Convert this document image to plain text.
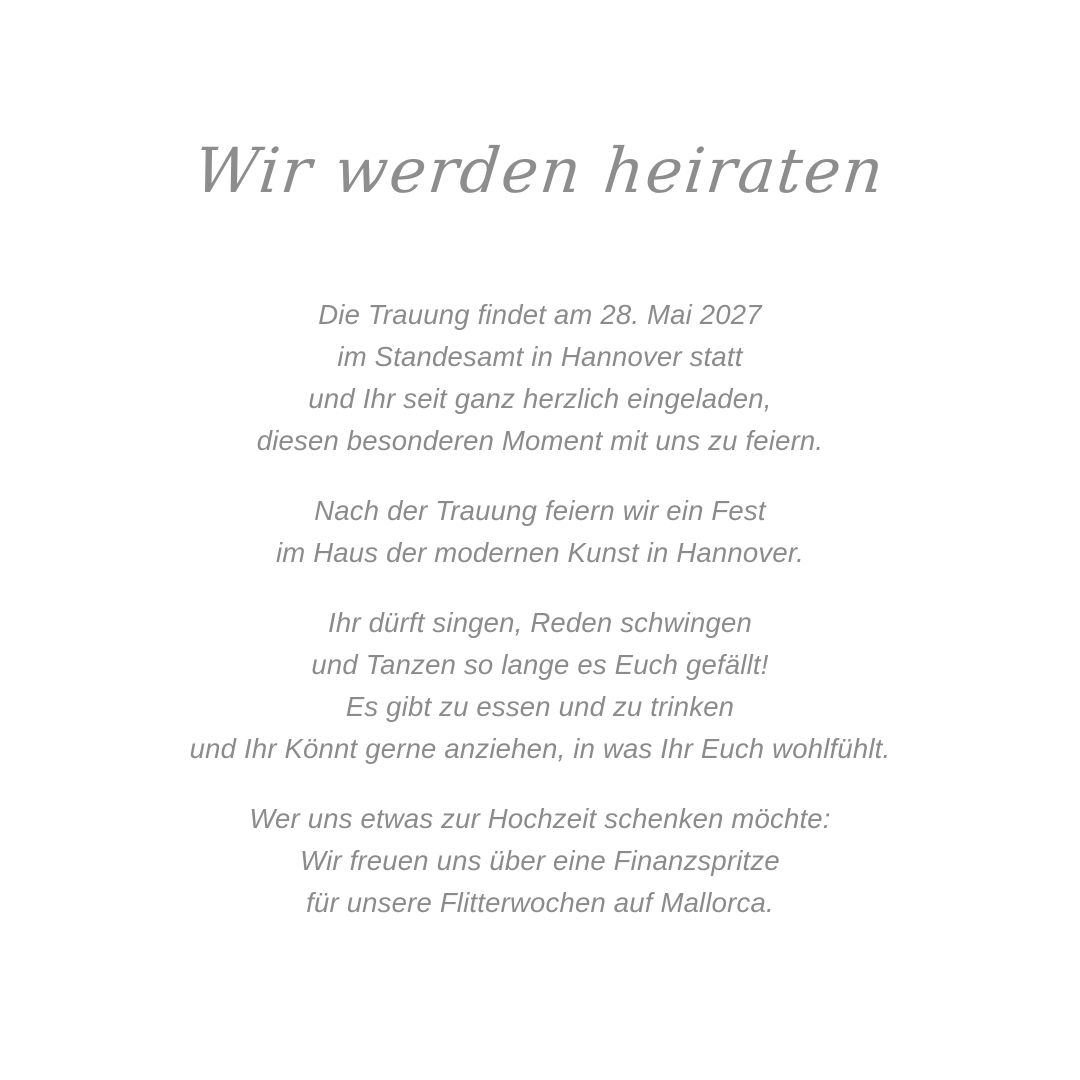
Wir werden heiraten
Die Trauung findet am 28. Mai 2027
im Standesamt in Hannover statt
und Ihr seit ganz herzlich eingeladen,
diesen besonderen Moment mit uns zu feiern.
Nach der Trauung feiern wir ein Fest
im Haus der modernen Kunst in Hannover.
Ihr dürft singen, Reden schwingen
und Tanzen so lange es Euch gefällt!
Es gibt zu essen und zu trinken
und Ihr Könnt gerne anziehen, in was Ihr Euch wohlfühlt.
Wer uns etwas zur Hochzeit schenken möchte:
Wir freuen uns über eine Finanzspritze
für unsere Flitterwochen auf Mallorca.
